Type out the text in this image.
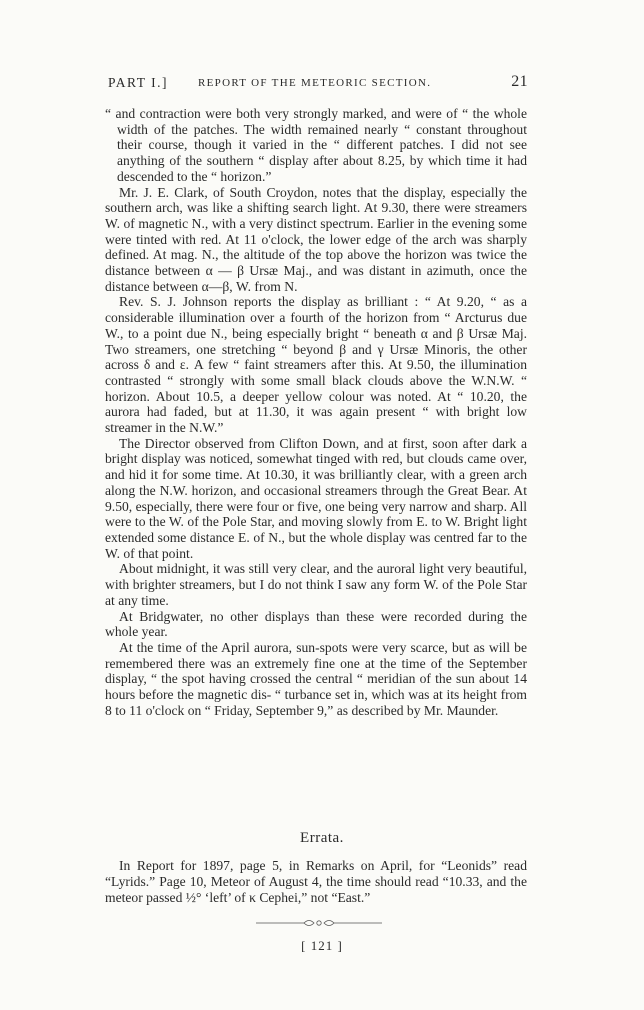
PART I.]	REPORT OF THE METEORIC SECTION.	21

“ and contraction were both very strongly marked, and were of “ the whole width of the patches. The width remained nearly “ constant throughout their course, though it varied in the “ different patches. I did not see anything of the southern “ display after about 8.25, by which time it had descended to the “ horizon.”

Mr. J. E. Clark, of South Croydon, notes that the display, especially the southern arch, was like a shifting search light. At 9.30, there were streamers W. of magnetic N., with a very distinct spectrum. Earlier in the evening some were tinted with red. At 11 o'clock, the lower edge of the arch was sharply defined. At mag. N., the altitude of the top above the horizon was twice the distance between α — β Ursæ Maj., and was distant in azimuth, once the distance between α—β, W. from N.

Rev. S. J. Johnson reports the display as brilliant : “ At 9.20, “ as a considerable illumination over a fourth of the horizon from “ Arcturus due W., to a point due N., being especially bright “ beneath α and β Ursæ Maj. Two streamers, one stretching “ beyond β and γ Ursæ Minoris, the other across δ and ε. A few “ faint streamers after this. At 9.50, the illumination contrasted “ strongly with some small black clouds above the W.N.W. “ horizon. About 10.5, a deeper yellow colour was noted. At “ 10.20, the aurora had faded, but at 11.30, it was again present “ with bright low streamer in the N.W.”

The Director observed from Clifton Down, and at first, soon after dark a bright display was noticed, somewhat tinged with red, but clouds came over, and hid it for some time. At 10.30, it was brilliantly clear, with a green arch along the N.W. horizon, and occasional streamers through the Great Bear. At 9.50, especially, there were four or five, one being very narrow and sharp. All were to the W. of the Pole Star, and moving slowly from E. to W. Bright light extended some distance E. of N., but the whole display was centred far to the W. of that point.

About midnight, it was still very clear, and the auroral light very beautiful, with brighter streamers, but I do not think I saw any form W. of the Pole Star at any time.

At Bridgwater, no other displays than these were recorded during the whole year.

At the time of the April aurora, sun-spots were very scarce, but as will be remembered there was an extremely fine one at the time of the September display, “ the spot having crossed the central “ meridian of the sun about 14 hours before the magnetic dis- “ turbance set in, which was at its height from 8 to 11 o'clock on “ Friday, September 9,” as described by Mr. Maunder.

Errata.

In Report for 1897, page 5, in Remarks on April, for “Leonids” read “Lyrids.” Page 10, Meteor of August 4, the time should read “10.33, and the meteor passed ½° ‘left’ of κ Cephei,” not “East.”

[ 121 ]
